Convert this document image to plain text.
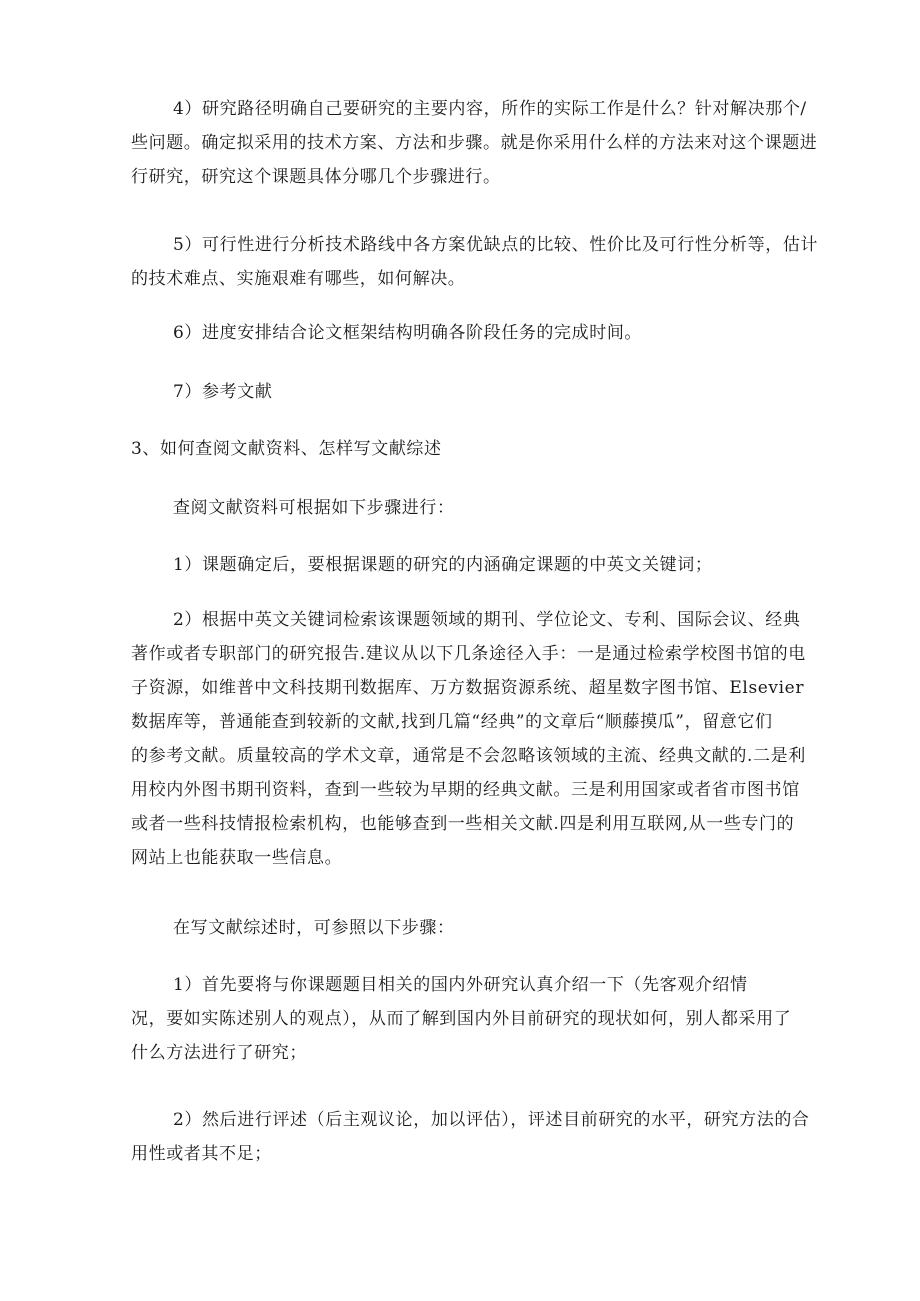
4）研究路径明确自己要研究的主要内容，所作的实际工作是什么？针对解决那个/
些问题。确定拟采用的技术方案、方法和步骤。就是你采用什么样的方法来对这个课题进
行研究，研究这个课题具体分哪几个步骤进行。

5）可行性进行分析技术路线中各方案优缺点的比较、性价比及可行性分析等，估计
的技术难点、实施艰难有哪些，如何解决。

6）进度安排结合论文框架结构明确各阶段任务的完成时间。

7）参考文献

3、如何查阅文献资料、怎样写文献综述

查阅文献资料可根据如下步骤进行：

1）课题确定后，要根据课题的研究的内涵确定课题的中英文关键词；

2）根据中英文关键词检索该课题领域的期刊、学位论文、专利、国际会议、经典
著作或者专职部门的研究报告.建议从以下几条途径入手：一是通过检索学校图书馆的电
子资源，如维普中文科技期刊数据库、万方数据资源系统、超星数字图书馆、Elsevier
数据库等，普通能查到较新的文献,找到几篇“经典”的文章后“顺藤摸瓜”，留意它们
的参考文献。质量较高的学术文章，通常是不会忽略该领域的主流、经典文献的.二是利
用校内外图书期刊资料，查到一些较为早期的经典文献。三是利用国家或者省市图书馆
或者一些科技情报检索机构，也能够查到一些相关文献.四是利用互联网,从一些专门的
网站上也能获取一些信息。

在写文献综述时，可参照以下步骤：

1）首先要将与你课题题目相关的国内外研究认真介绍一下（先客观介绍情
况，要如实陈述别人的观点），从而了解到国内外目前研究的现状如何，别人都采用了
什么方法进行了研究；

2）然后进行评述（后主观议论，加以评估），评述目前研究的水平，研究方法的合
用性或者其不足；
